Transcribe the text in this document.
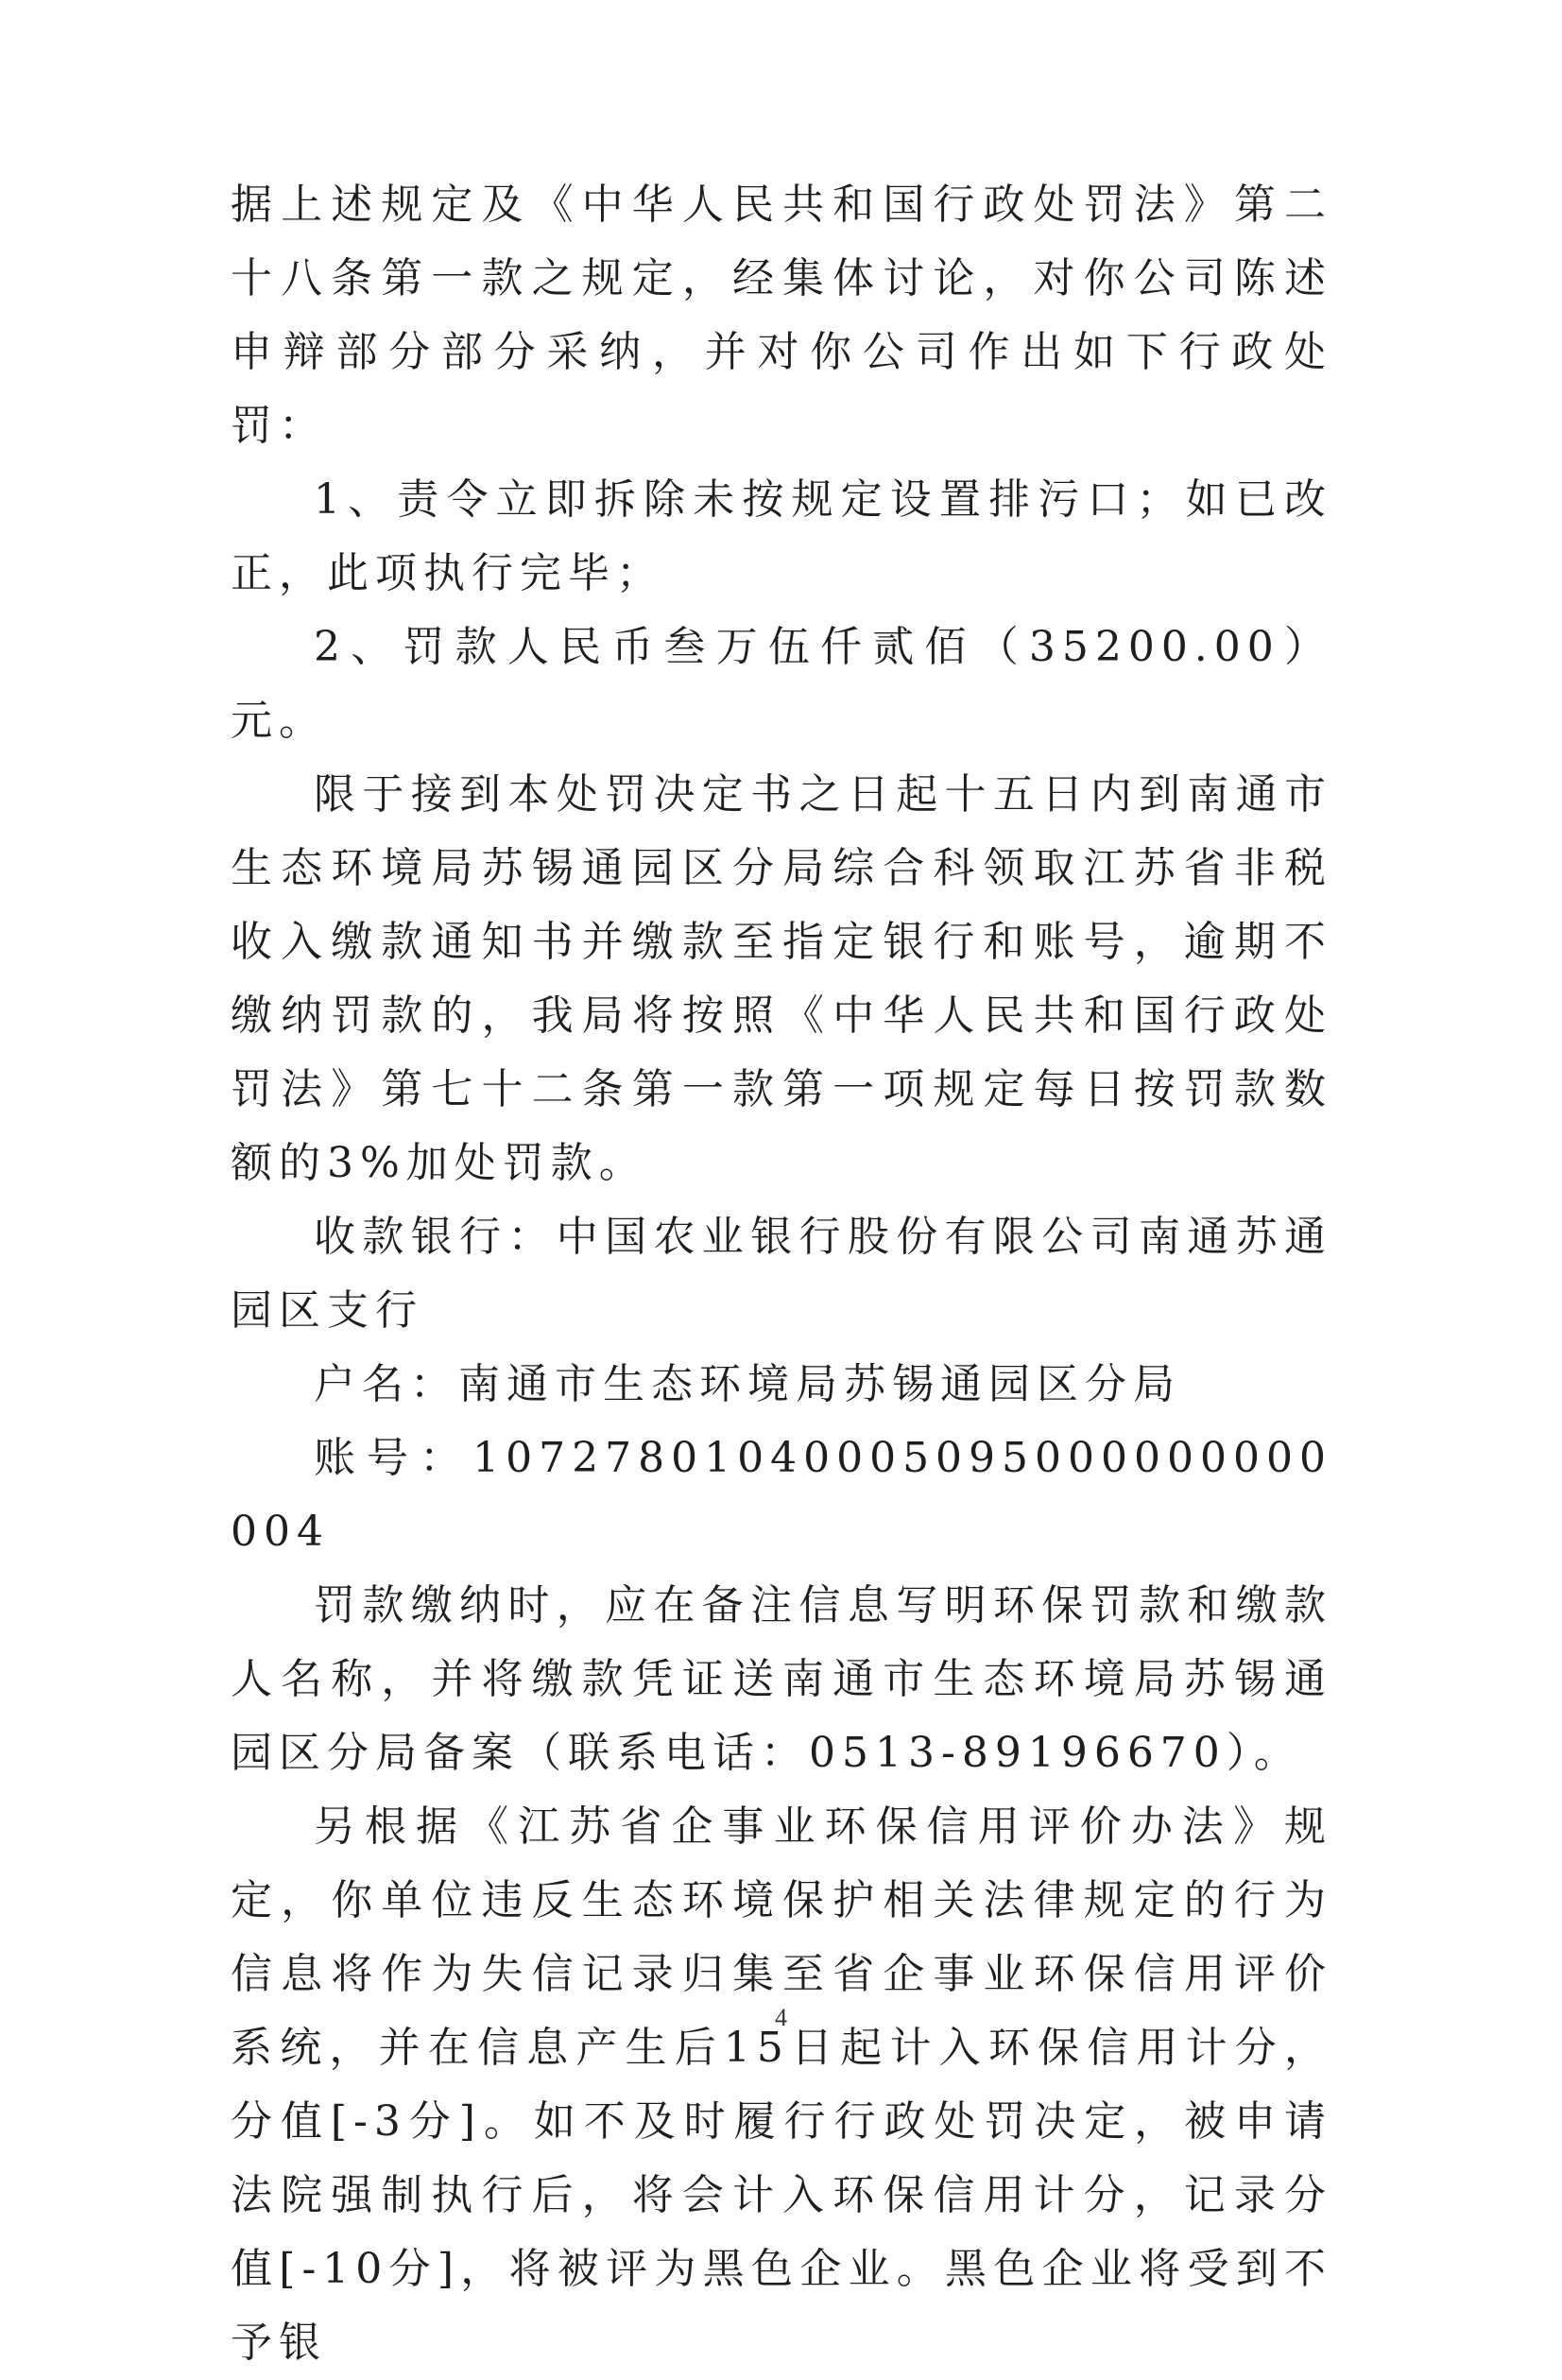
据上述规定及《中华人民共和国行政处罚法》第二十八条第一款之规定，经集体讨论，对你公司陈述申辩部分部分采纳，并对你公司作出如下行政处罚：

1、责令立即拆除未按规定设置排污口；如已改正，此项执行完毕；

2、罚款人民币叁万伍仟贰佰（35200.00）元。

限于接到本处罚决定书之日起十五日内到南通市生态环境局苏锡通园区分局综合科领取江苏省非税收入缴款通知书并缴款至指定银行和账号，逾期不缴纳罚款的，我局将按照《中华人民共和国行政处罚法》第七十二条第一款第一项规定每日按罚款数额的3%加处罚款。

收款银行：中国农业银行股份有限公司南通苏通园区支行

户名：南通市生态环境局苏锡通园区分局

账号：10727801040005095000000000004

罚款缴纳时，应在备注信息写明环保罚款和缴款人名称，并将缴款凭证送南通市生态环境局苏锡通园区分局备案（联系电话：0513-89196670）。

另根据《江苏省企事业环保信用评价办法》规定，你单位违反生态环境保护相关法律规定的行为信息将作为失信记录归集至省企事业环保信用评价系统，并在信息产生后15日起计入环保信用计分，分值[-3分]。如不及时履行行政处罚决定，被申请法院强制执行后，将会计入环保信用计分，记录分值[-10分]，将被评为黑色企业。黑色企业将受到不予银

4
